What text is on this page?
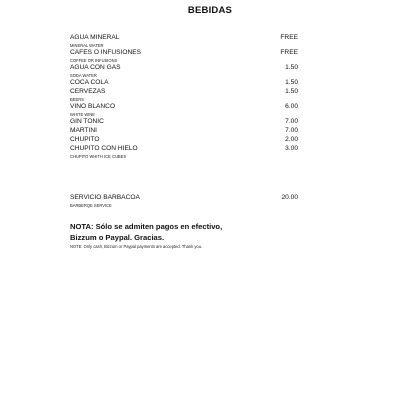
BEBIDAS
AGUA MINERAL	FREE
MINERAL WATER
CAFES O INFUSIONES	FREE
COFFEE OR INFUSIONS
AGUA CON GAS	1.50
SODA WATER
COCA COLA	1.50
CERVEZAS	1.50
BEERS
VINO BLANCO	6.00
WHITE WINE
GIN TONIC	7.00
MARTINI	7.00
CHUPITO	2.00
CHUPITO CON HIELO	3.00
CHUPITO WHITH ICE CUBES
SERVICIO BARBACOA	20.00
BARBERQE SERVICE
NOTA: Sólo se admiten pagos en efectivo,
Bizzum o Paypal. Gracias.
NOTE: Only cash, Bizzum or Paypal payments are accepted. Thank you.
